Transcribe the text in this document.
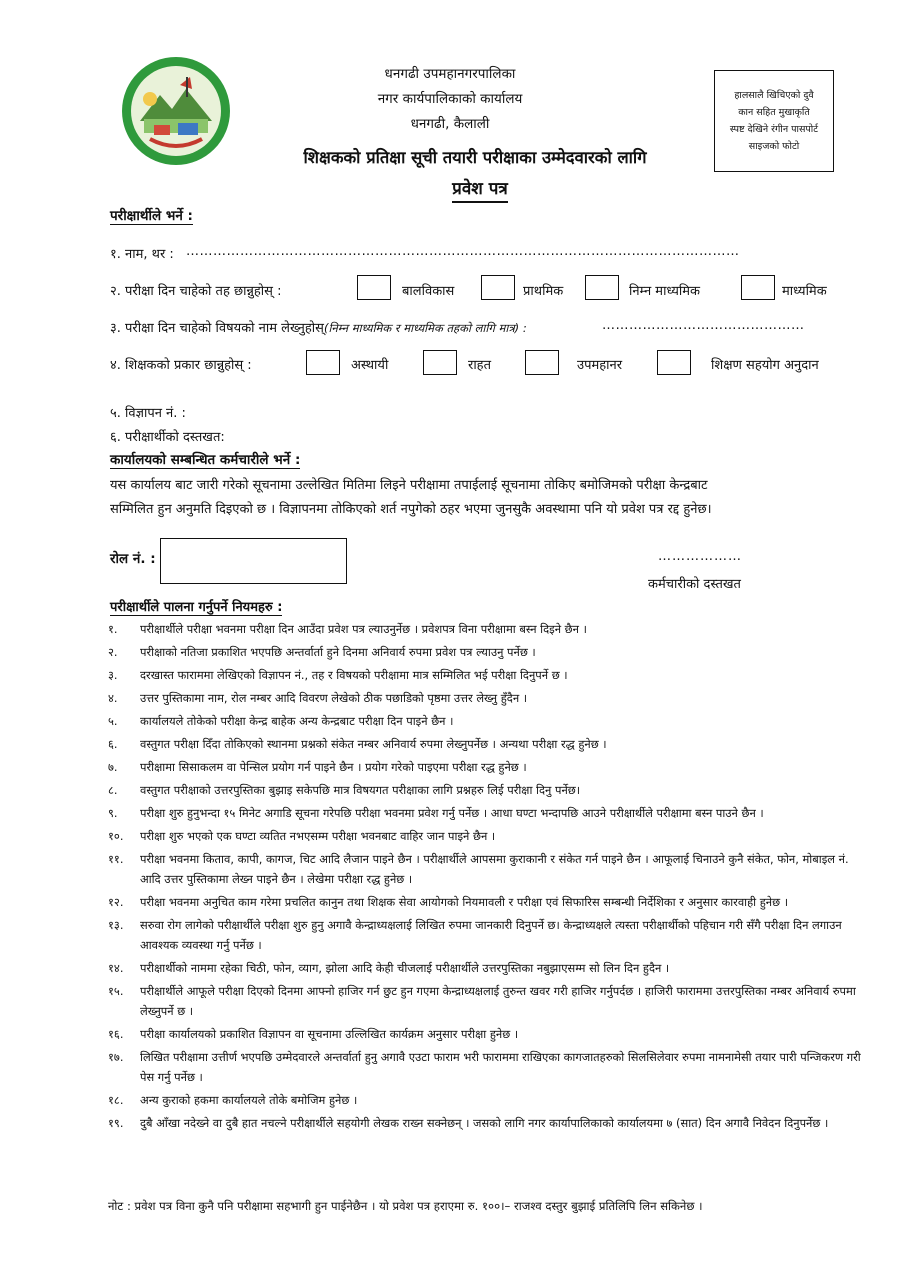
धनगढी उपमहानगरपालिका
नगर कार्यपालिकाको कार्यालय
धनगढी, कैलाली
शिक्षकको प्रतिक्षा सूची तयारी परीक्षाका उम्मेदवारको लागि
प्रवेश पत्र
हालसालै खिचिएको दुवै
कान सहित मुखाकृति
स्पष्ट देखिने रंगीन पासपोर्ट
साइजको फोटो
परीक्षार्थीले भर्ने :
१. नाम, थर : ……………………………………………………………………………………………………………
२. परीक्षा दिन चाहेको तह छान्नुहोस् :	बालविकास	प्राथमिक	निम्न माध्यमिक	माध्यमिक
३. परीक्षा दिन चाहेको विषयको नाम लेख्नुहोस्(निम्न माध्यमिक र माध्यमिक तहको लागि मात्र) :	………………………………………
४. शिक्षकको प्रकार छान्नुहोस् :	अस्थायी	राहत	उपमहानर	शिक्षण सहयोग अनुदान
५. विज्ञापन नं. :
६. परीक्षार्थीको दस्तखत:
कार्यालयको सम्बन्धित कर्मचारीले भर्ने :
यस कार्यालय बाट जारी गरेको सूचनामा उल्लेखित मितिमा लिइने परीक्षामा तपाईलाई सूचनामा तोकिए बमोजिमको परीक्षा केन्द्रबाट
सम्मिलित हुन अनुमति दिइएको छ । विज्ञापनमा तोकिएको शर्त नपुगेको ठहर भएमा जुनसुकै अवस्थामा पनि यो प्रवेश पत्र रद्द हुनेछ।
रोल नं. :	………………
कर्मचारीको दस्तखत
परीक्षार्थीले पालना गर्नुपर्ने नियमहरु :
१.	परीक्षार्थीले परीक्षा भवनमा परीक्षा दिन आउँदा प्रवेश पत्र ल्याउनुर्नेछ । प्रवेशपत्र विना परीक्षामा बस्न दिइने छैन ।
२.	परीक्षाको नतिजा प्रकाशित भएपछि अन्तर्वार्ता हुने दिनमा अनिवार्य रुपमा प्रवेश पत्र ल्याउनु पर्नेछ ।
३.	दरखास्त फाराममा लेखिएको विज्ञापन नं., तह र विषयको परीक्षामा मात्र सम्मिलित भई परीक्षा दिनुपर्ने छ ।
४.	उत्तर पुस्तिकामा नाम, रोल नम्बर आदि विवरण लेखेको ठीक पछाडिको पृष्ठमा उत्तर लेख्नु हुँदैन ।
५.	कार्यालयले तोकेको परीक्षा केन्द्र बाहेक अन्य केन्द्रबाट परीक्षा दिन पाइने छैन ।
६.	वस्तुगत परीक्षा दिँदा तोकिएको स्थानमा प्रश्नको संकेत नम्बर अनिवार्य रुपमा लेख्नुपर्नेछ । अन्यथा परीक्षा रद्ध हुनेछ ।
७.	परीक्षामा सिसाकलम वा पेन्सिल प्रयोग गर्न पाइने छैन । प्रयोग गरेको पाइएमा परीक्षा रद्ध हुनेछ ।
८.	वस्तुगत परीक्षाको उत्तरपुस्तिका बुझाइ सकेपछि मात्र विषयगत परीक्षाका लागि प्रश्नहरु लिई परीक्षा दिनु पर्नेछ।
९.	परीक्षा शुरु हुनुभन्दा १५ मिनेट अगाडि सूचना गरेपछि परीक्षा भवनमा प्रवेश गर्नु पर्नेछ । आधा घण्टा भन्दापछि आउने परीक्षार्थीले परीक्षामा बस्न पाउने छैन ।
१०.	परीक्षा शुरु भएको एक घण्टा व्यतित नभएसम्म परीक्षा भवनबाट वाहिर जान पाइने छैन ।
११.	परीक्षा भवनमा किताव, कापी, कागज, चिट आदि लैजान पाइने छैन । परीक्षार्थीले आपसमा कुराकानी र संकेत गर्न पाइने छैन । आफूलाई चिनाउने कुनै संकेत, फोन, मोबाइल नं. आदि उत्तर पुस्तिकामा लेख्न पाइने छैन । लेखेमा परीक्षा रद्ध हुनेछ ।
१२.	परीक्षा भवनमा अनुचित काम गरेमा प्रचलित कानुन तथा शिक्षक सेवा आयोगको नियमावली र परीक्षा एवं सिफारिस सम्बन्धी निर्देशिका र अनुसार कारवाही हुनेछ ।
१३.	सरुवा रोग लागेको परीक्षार्थीले परीक्षा शुरु हुनु अगावै केन्द्राध्यक्षलाई लिखित रुपमा जानकारी दिनुपर्ने छ। केन्द्राध्यक्षले त्यस्ता परीक्षार्थीको पहिचान गरी सँगै परीक्षा दिन लगाउन आवश्यक व्यवस्था गर्नु पर्नेछ ।
१४.	परीक्षार्थीको नाममा रहेका चिठी, फोन, व्याग, झोला आदि केही चीजलाई परीक्षार्थीले उत्तरपुस्तिका नबुझाएसम्म सो लिन दिन हुदैन ।
१५.	परीक्षार्थीले आफूले परीक्षा दिएको दिनमा आफ्नो हाजिर गर्न छुट हुन गएमा केन्द्राध्यक्षलाई तुरुन्त खवर गरी हाजिर गर्नुपर्दछ । हाजिरी फाराममा उत्तरपुस्तिका नम्बर अनिवार्य रुपमा लेख्नुपर्ने छ ।
१६.	परीक्षा कार्यालयको प्रकाशित विज्ञापन वा सूचनामा उल्लिखित कार्यक्रम अनुसार परीक्षा हुनेछ ।
१७.	लिखित परीक्षामा उत्तीर्ण भएपछि उम्मेदवारले अन्तर्वार्ता हुनु अगावै एउटा फाराम भरी फाराममा राखिएका कागजातहरुको सिलसिलेवार रुपमा नामनामेसी तयार पारी पन्जिकरण गरी पेस गर्नु पर्नेछ ।
१८.	अन्य कुराको हकमा कार्यालयले तोके बमोजिम हुनेछ ।
१९.	दुबै आँखा नदेख्ने वा दुबै हात नचल्ने परीक्षार्थीले सहयोगी लेखक राख्न सक्नेछन् । जसको लागि नगर कार्यापालिकाको कार्यालयमा ७ (सात) दिन अगावै निवेदन दिनुपर्नेछ ।
नोट : प्रवेश पत्र विना कुनै पनि परीक्षामा सहभागी हुन पाईनेछैन । यो प्रवेश पत्र हराएमा रु. १००।– राजश्व दस्तुर बुझाई प्रतिलिपि लिन सकिनेछ ।
